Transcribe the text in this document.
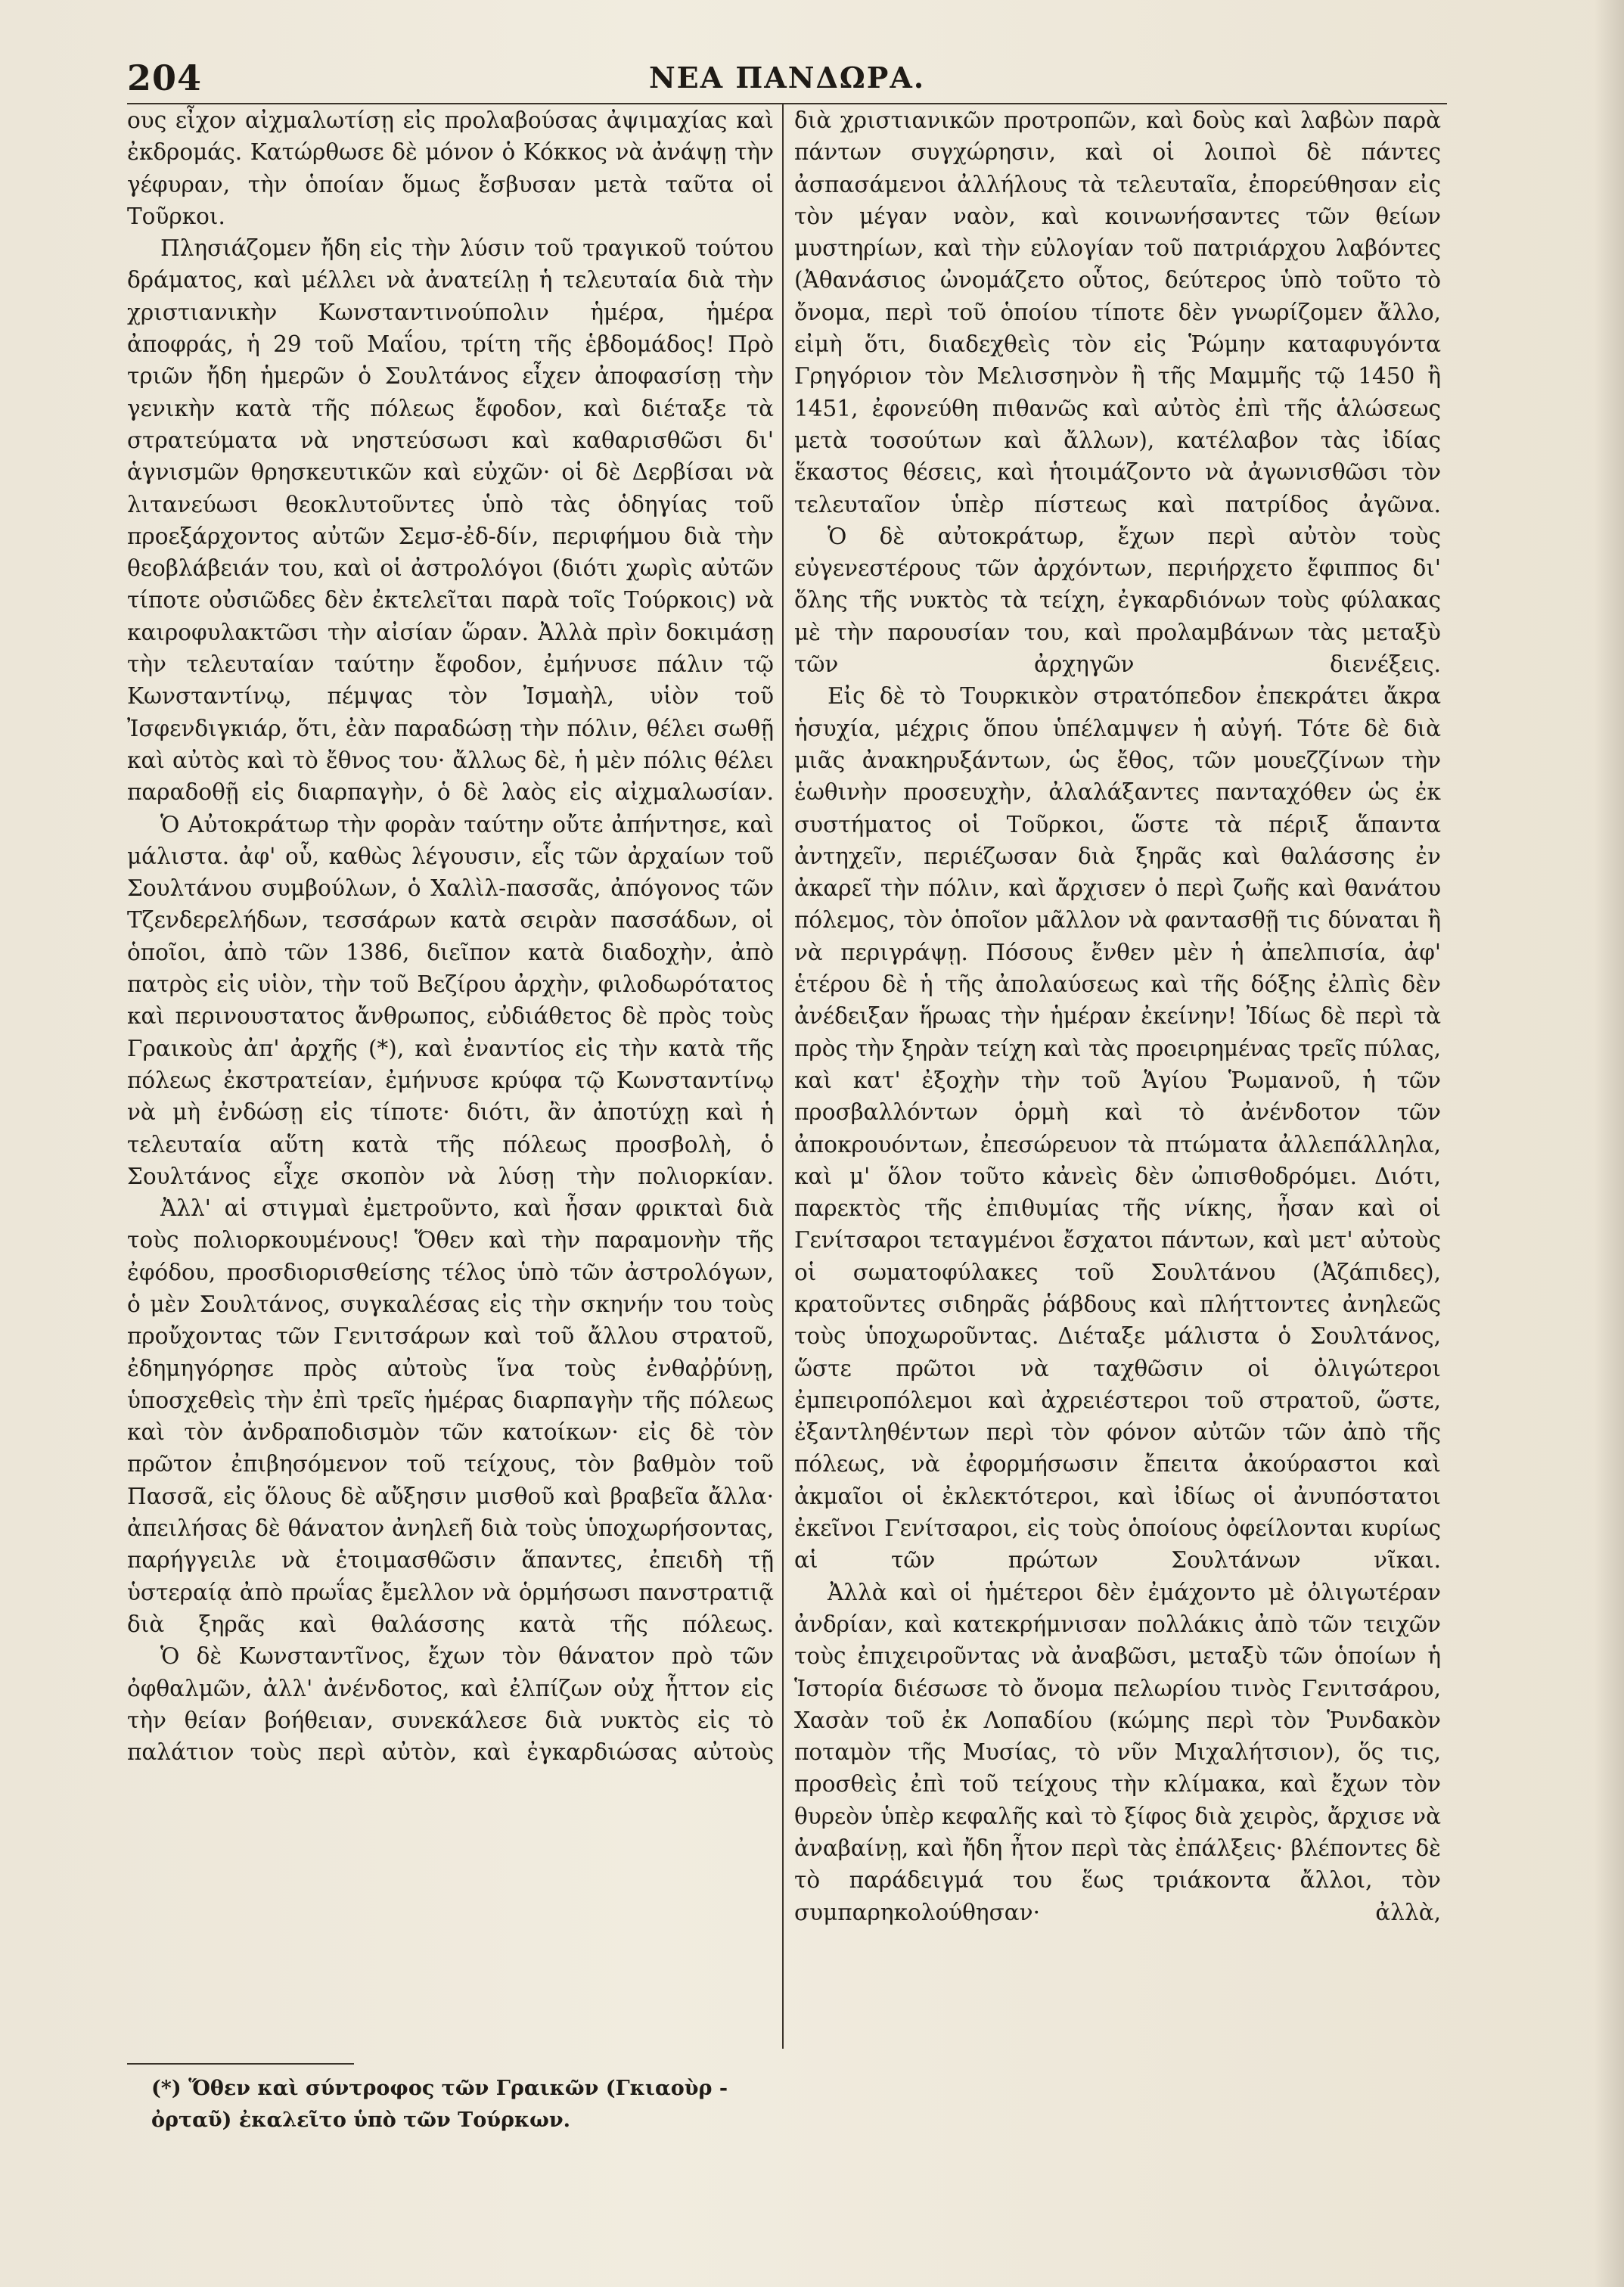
204	ΝΕΑ ΠΑΝΔΩΡΑ.

ους εἶχον αἰχμαλωτίσῃ εἰς προλαβούσας ἀψιμαχίας καὶ ἐκδρομάς. Κατώρθωσε δὲ μόνον ὁ Κόκκος νὰ ἀνάψῃ τὴν γέφυραν, τὴν ὁποίαν ὅμως ἔσβυσαν μετὰ ταῦτα οἱ Τοῦρκοι.

Πλησιάζομεν ἤδη εἰς τὴν λύσιν τοῦ τραγικοῦ τούτου δράματος, καὶ μέλλει νὰ ἀνατείλῃ ἡ τελευταία διὰ τὴν χριστιανικὴν Κωνσταντινούπολιν ἡμέρα, ἡμέρα ἀποφράς, ἡ 29 τοῦ Μαΐου, τρίτη τῆς ἑβδομάδος! Πρὸ τριῶν ἤδη ἡμερῶν ὁ Σουλτάνος εἶχεν ἀποφασίσῃ τὴν γενικὴν κατὰ τῆς πόλεως ἔφοδον, καὶ διέταξε τὰ στρατεύματα νὰ νηστεύσωσι καὶ καθαρισθῶσι δι' ἁγνισμῶν θρησκευτικῶν καὶ εὐχῶν· οἱ δὲ Δερβίσαι νὰ λιτανεύωσι θεοκλυτοῦντες ὑπὸ τὰς ὁδηγίας τοῦ προεξάρχοντος αὐτῶν Σεμσ-ἐδ-δίν, περιφήμου διὰ τὴν θεοβλάβειάν του, καὶ οἱ ἀστρολόγοι (διότι χωρὶς αὐτῶν τίποτε οὐσιῶδες δὲν ἐκτελεῖται παρὰ τοῖς Τούρκοις) νὰ καιροφυλακτῶσι τὴν αἰσίαν ὥραν. Ἀλλὰ πρὶν δοκιμάσῃ τὴν τελευταίαν ταύτην ἔφοδον, ἐμήνυσε πάλιν τῷ Κωνσταντίνῳ, πέμψας τὸν Ἰσμαὴλ, υἱὸν τοῦ Ἰσφενδιγκιάρ, ὅτι, ἐὰν παραδώσῃ τὴν πόλιν, θέλει σωθῇ καὶ αὐτὸς καὶ τὸ ἔθνος του· ἄλλως δὲ, ἡ μὲν πόλις θέλει παραδοθῇ εἰς διαρπαγὴν, ὁ δὲ λαὸς εἰς αἰχμαλωσίαν.

Ὁ Αὐτοκράτωρ τὴν φορὰν ταύτην οὔτε ἀπήντησε, καὶ μάλιστα. ἀφ' οὗ, καθὼς λέγουσιν, εἷς τῶν ἀρχαίων τοῦ Σουλτάνου συμβούλων, ὁ Χαλὶλ-πασσᾶς, ἀπόγονος τῶν Τζενδερελήδων, τεσσάρων κατὰ σειρὰν πασσάδων, οἱ ὁποῖοι, ἀπὸ τῶν 1386, διεῖπον κατὰ διαδοχὴν, ἀπὸ πατρὸς εἰς υἱὸν, τὴν τοῦ Βεζίρου ἀρχὴν, φιλοδωρότατος καὶ περινουστατος ἄνθρωπος, εὐδιάθετος δὲ πρὸς τοὺς Γραικοὺς ἀπ' ἀρχῆς (*), καὶ ἐναντίος εἰς τὴν κατὰ τῆς πόλεως ἐκστρατείαν, ἐμήνυσε κρύφα τῷ Κωνσταντίνῳ νὰ μὴ ἐνδώσῃ εἰς τίποτε· διότι, ἂν ἀποτύχῃ καὶ ἡ τελευταία αὕτη κατὰ τῆς πόλεως προσβολὴ, ὁ Σουλτάνος εἶχε σκοπὸν νὰ λύσῃ τὴν πολιορκίαν.

Ἀλλ' αἱ στιγμαὶ ἐμετροῦντο, καὶ ἦσαν φρικταὶ διὰ τοὺς πολιορκουμένους! Ὅθεν καὶ τὴν παραμονὴν τῆς ἐφόδου, προσδιορισθείσης τέλος ὑπὸ τῶν ἀστρολόγων, ὁ μὲν Σουλτάνος, συγκαλέσας εἰς τὴν σκηνήν του τοὺς προὔχοντας τῶν Γενιτσάρων καὶ τοῦ ἄλλου στρατοῦ, ἐδημηγόρησε πρὸς αὐτοὺς ἵνα τοὺς ἐνθαῤῥύνῃ, ὑποσχεθεὶς τὴν ἐπὶ τρεῖς ἡμέρας διαρπαγὴν τῆς πόλεως καὶ τὸν ἀνδραποδισμὸν τῶν κατοίκων· εἰς δὲ τὸν πρῶτον ἐπιβησόμενον τοῦ τείχους, τὸν βαθμὸν τοῦ Πασσᾶ, εἰς ὅλους δὲ αὔξησιν μισθοῦ καὶ βραβεῖα ἄλλα· ἀπειλήσας δὲ θάνατον ἀνηλεῆ διὰ τοὺς ὑποχωρήσοντας, παρήγγειλε νὰ ἑτοιμασθῶσιν ἅπαντες, ἐπειδὴ τῇ ὑστεραίᾳ ἀπὸ πρωΐας ἔμελλον νὰ ὁρμήσωσι πανστρατιᾷ διὰ ξηρᾶς καὶ θαλάσσης κατὰ τῆς πόλεως.

Ὁ δὲ Κωνσταντῖνος, ἔχων τὸν θάνατον πρὸ τῶν ὀφθαλμῶν, ἀλλ' ἀνένδοτος, καὶ ἐλπίζων οὐχ ἧττον εἰς τὴν θείαν βοήθειαν, συνεκάλεσε διὰ νυκτὸς εἰς τὸ παλάτιον τοὺς περὶ αὐτὸν, καὶ ἐγκαρδιώσας αὐτοὺς

διὰ χριστιανικῶν προτροπῶν, καὶ δοὺς καὶ λαβὼν παρὰ πάντων συγχώρησιν, καὶ οἱ λοιποὶ δὲ πάντες ἀσπασάμενοι ἀλλήλους τὰ τελευταῖα, ἐπορεύθησαν εἰς τὸν μέγαν ναὸν, καὶ κοινωνήσαντες τῶν θείων μυστηρίων, καὶ τὴν εὐλογίαν τοῦ πατριάρχου λαβόντες (Ἀθανάσιος ὠνομάζετο οὗτος, δεύτερος ὑπὸ τοῦτο τὸ ὄνομα, περὶ τοῦ ὁποίου τίποτε δὲν γνωρίζομεν ἄλλο, εἰμὴ ὅτι, διαδεχθεὶς τὸν εἰς Ῥώμην καταφυγόντα Γρηγόριον τὸν Μελισσηνὸν ἢ τῆς Μαμμῆς τῷ 1450 ἢ 1451, ἐφονεύθη πιθανῶς καὶ αὐτὸς ἐπὶ τῆς ἁλώσεως μετὰ τοσούτων καὶ ἄλλων), κατέλαβον τὰς ἰδίας ἕκαστος θέσεις, καὶ ἡτοιμάζοντο νὰ ἀγωνισθῶσι τὸν τελευταῖον ὑπὲρ πίστεως καὶ πατρίδος ἀγῶνα.

Ὁ δὲ αὐτοκράτωρ, ἔχων περὶ αὐτὸν τοὺς εὐγενεστέρους τῶν ἀρχόντων, περιήρχετο ἔφιππος δι' ὅλης τῆς νυκτὸς τὰ τείχη, ἐγκαρδιόνων τοὺς φύλακας μὲ τὴν παρουσίαν του, καὶ προλαμβάνων τὰς μεταξὺ τῶν ἀρχηγῶν διενέξεις.

Εἰς δὲ τὸ Τουρκικὸν στρατόπεδον ἐπεκράτει ἄκρα ἡσυχία, μέχρις ὅπου ὑπέλαμψεν ἡ αὐγή. Τότε δὲ διὰ μιᾶς ἀνακηρυξάντων, ὡς ἔθος, τῶν μουεζζίνων τὴν ἑωθινὴν προσευχὴν, ἀλαλάξαντες πανταχόθεν ὡς ἐκ συστήματος οἱ Τοῦρκοι, ὥστε τὰ πέριξ ἅπαντα ἀντηχεῖν, περιέζωσαν διὰ ξηρᾶς καὶ θαλάσσης ἐν ἀκαρεῖ τὴν πόλιν, καὶ ἄρχισεν ὁ περὶ ζωῆς καὶ θανάτου πόλεμος, τὸν ὁποῖον μᾶλλον νὰ φαντασθῇ τις δύναται ἢ νὰ περιγράψῃ. Πόσους ἔνθεν μὲν ἡ ἀπελπισία, ἀφ' ἑτέρου δὲ ἡ τῆς ἀπολαύσεως καὶ τῆς δόξης ἐλπὶς δὲν ἀνέδειξαν ἥρωας τὴν ἡμέραν ἐκείνην! Ἰδίως δὲ περὶ τὰ πρὸς τὴν ξηρὰν τείχη καὶ τὰς προειρημένας τρεῖς πύλας, καὶ κατ' ἐξοχὴν τὴν τοῦ Ἁγίου Ῥωμανοῦ, ἡ τῶν προσβαλλόντων ὁρμὴ καὶ τὸ ἀνένδοτον τῶν ἀποκρουόντων, ἐπεσώρευον τὰ πτώματα ἀλλεπάλληλα, καὶ μ' ὅλον τοῦτο κἀνεὶς δὲν ὠπισθοδρόμει. Διότι, παρεκτὸς τῆς ἐπιθυμίας τῆς νίκης, ἦσαν καὶ οἱ Γενίτσαροι τεταγμένοι ἔσχατοι πάντων, καὶ μετ' αὐτοὺς οἱ σωματοφύλακες τοῦ Σουλτάνου (Ἀζάπιδες), κρατοῦντες σιδηρᾶς ῥάβδους καὶ πλήττοντες ἀνηλεῶς τοὺς ὑποχωροῦντας. Διέταξε μάλιστα ὁ Σουλτάνος, ὥστε πρῶτοι νὰ ταχθῶσιν οἱ ὀλιγώτεροι ἐμπειροπόλεμοι καὶ ἀχρειέστεροι τοῦ στρατοῦ, ὥστε, ἐξαντληθέντων περὶ τὸν φόνον αὐτῶν τῶν ἀπὸ τῆς πόλεως, νὰ ἐφορμήσωσιν ἔπειτα ἀκούραστοι καὶ ἀκμαῖοι οἱ ἐκλεκτότεροι, καὶ ἰδίως οἱ ἀνυπόστατοι ἐκεῖνοι Γενίτσαροι, εἰς τοὺς ὁποίους ὀφείλονται κυρίως αἱ τῶν πρώτων Σουλτάνων νῖκαι.

Ἀλλὰ καὶ οἱ ἡμέτεροι δὲν ἐμάχοντο μὲ ὀλιγωτέραν ἀνδρίαν, καὶ κατεκρήμνισαν πολλάκις ἀπὸ τῶν τειχῶν τοὺς ἐπιχειροῦντας νὰ ἀναβῶσι, μεταξὺ τῶν ὁποίων ἡ Ἱστορία διέσωσε τὸ ὄνομα πελωρίου τινὸς Γενιτσάρου, Χασὰν τοῦ ἐκ Λοπαδίου (κώμης περὶ τὸν Ῥυνδακὸν ποταμὸν τῆς Μυσίας, τὸ νῦν Μιχαλήτσιον), ὅς τις, προσθεὶς ἐπὶ τοῦ τείχους τὴν κλίμακα, καὶ ἔχων τὸν θυρεὸν ὑπὲρ κεφαλῆς καὶ τὸ ξίφος διὰ χειρὸς, ἄρχισε νὰ ἀναβαίνῃ, καὶ ἤδη ἦτον περὶ τὰς ἐπάλξεις· βλέποντες δὲ τὸ παράδειγμά του ἕως τριάκοντα ἄλλοι, τὸν συμπαρηκολούθησαν· ἀλλὰ,

(*) Ὅθεν καὶ σύντροφος τῶν Γραικῶν (Γκιαοὺρ - ὀρταῦ) ἐκαλεῖτο ὑπὸ τῶν Τούρκων.
